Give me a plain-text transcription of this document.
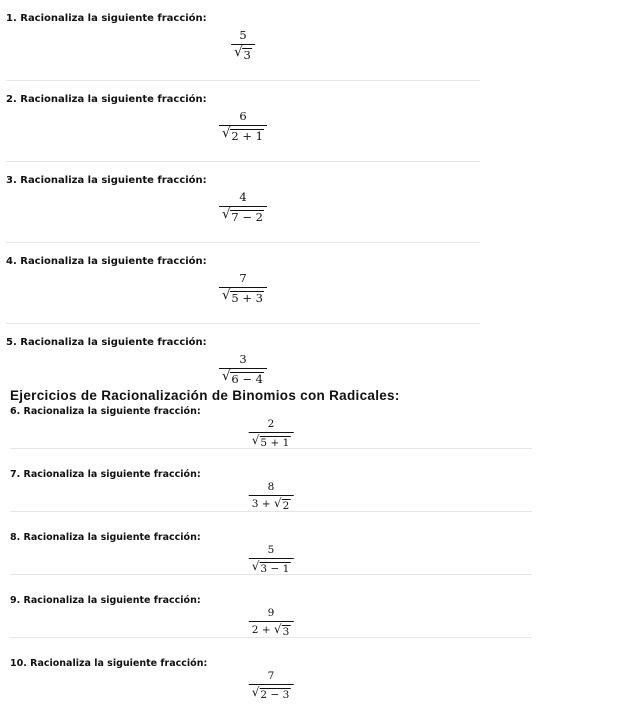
1. Racionaliza la siguiente fracción:
$\frac{5}{√ 3}$
2. Racionaliza la siguiente fracción:
$\frac{6}{√ 2 + 1}$
3. Racionaliza la siguiente fracción:
$\frac{4}{√ 7 - 2}$
4. Racionaliza la siguiente fracción:
$\frac{7}{√ 5 + 3}$
5. Racionaliza la siguiente fracción:
$\frac{3}{√ 6 - 4}$
Ejercicios de Racionalización de Binomios con Radicales:
6. Racionaliza la siguiente fracción:
$\frac{2}{√ 5 + 1}$
7. Racionaliza la siguiente fracción:
$\frac{8}{3 + √ 2}$
8. Racionaliza la siguiente fracción:
$\frac{5}{√ 3 - 1}$
9. Racionaliza la siguiente fracción:
$\frac{9}{2 + √ 3}$
10. Racionaliza la siguiente fracción:
$\frac{7}{√ 2 - 3}$
